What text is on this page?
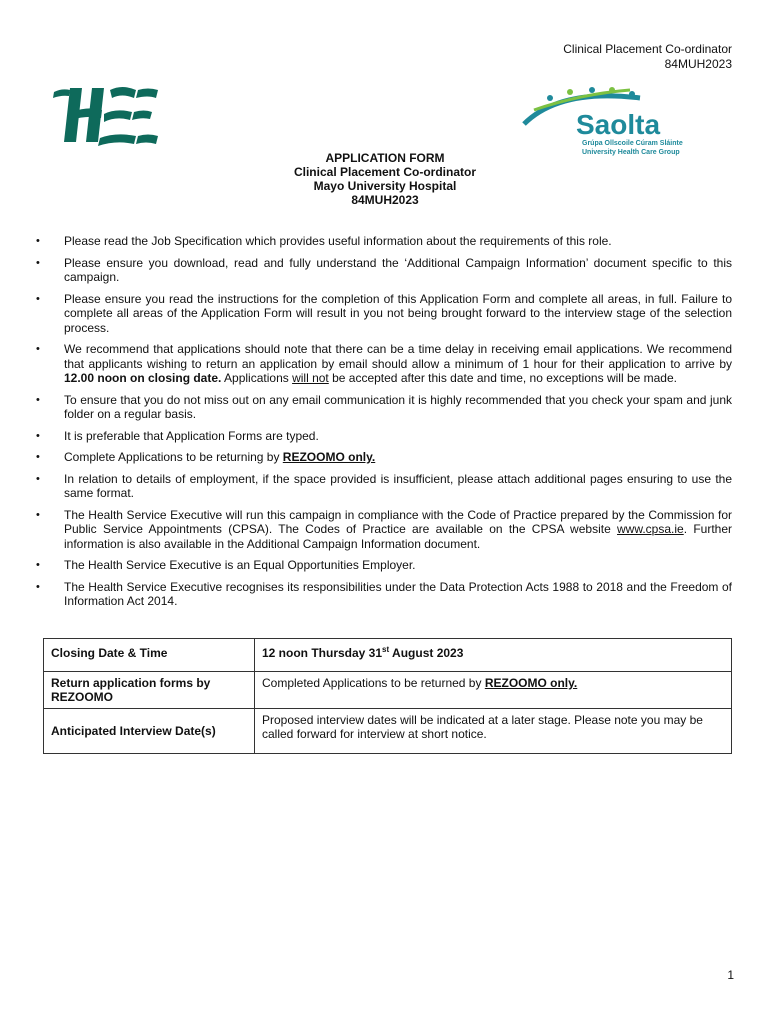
Clinical Placement Co-ordinator
84MUH2023
Saolta
Grúpa Ollscoile Cúram Sláinte
University Health Care Group
APPLICATION FORM
Clinical Placement Co-ordinator
Mayo University Hospital
84MUH2023
• Please read the Job Specification which provides useful information about the requirements of this role.
• Please ensure you download, read and fully understand the ‘Additional Campaign Information’ document specific to this campaign.
• Please ensure you read the instructions for the completion of this Application Form and complete all areas, in full. Failure to complete all areas of the Application Form will result in you not being brought forward to the interview stage of the selection process.
• We recommend that applications should note that there can be a time delay in receiving email applications. We recommend that applicants wishing to return an application by email should allow a minimum of 1 hour for their application to arrive by 12.00 noon on closing date. Applications will not be accepted after this date and time, no exceptions will be made.
• To ensure that you do not miss out on any email communication it is highly recommended that you check your spam and junk folder on a regular basis.
• It is preferable that Application Forms are typed.
• Complete Applications to be returning by REZOOMO only.
• In relation to details of employment, if the space provided is insufficient, please attach additional pages ensuring to use the same format.
• The Health Service Executive will run this campaign in compliance with the Code of Practice prepared by the Commission for Public Service Appointments (CPSA). The Codes of Practice are available on the CPSA website www.cpsa.ie. Further information is also available in the Additional Campaign Information document.
• The Health Service Executive is an Equal Opportunities Employer.
• The Health Service Executive recognises its responsibilities under the Data Protection Acts 1988 to 2018 and the Freedom of Information Act 2014.
Closing Date & Time	12 noon Thursday 31st August 2023
Return application forms by REZOOMO	Completed Applications to be returned by REZOOMO only.
Anticipated Interview Date(s)	Proposed interview dates will be indicated at a later stage. Please note you may be called forward for interview at short notice.
1
